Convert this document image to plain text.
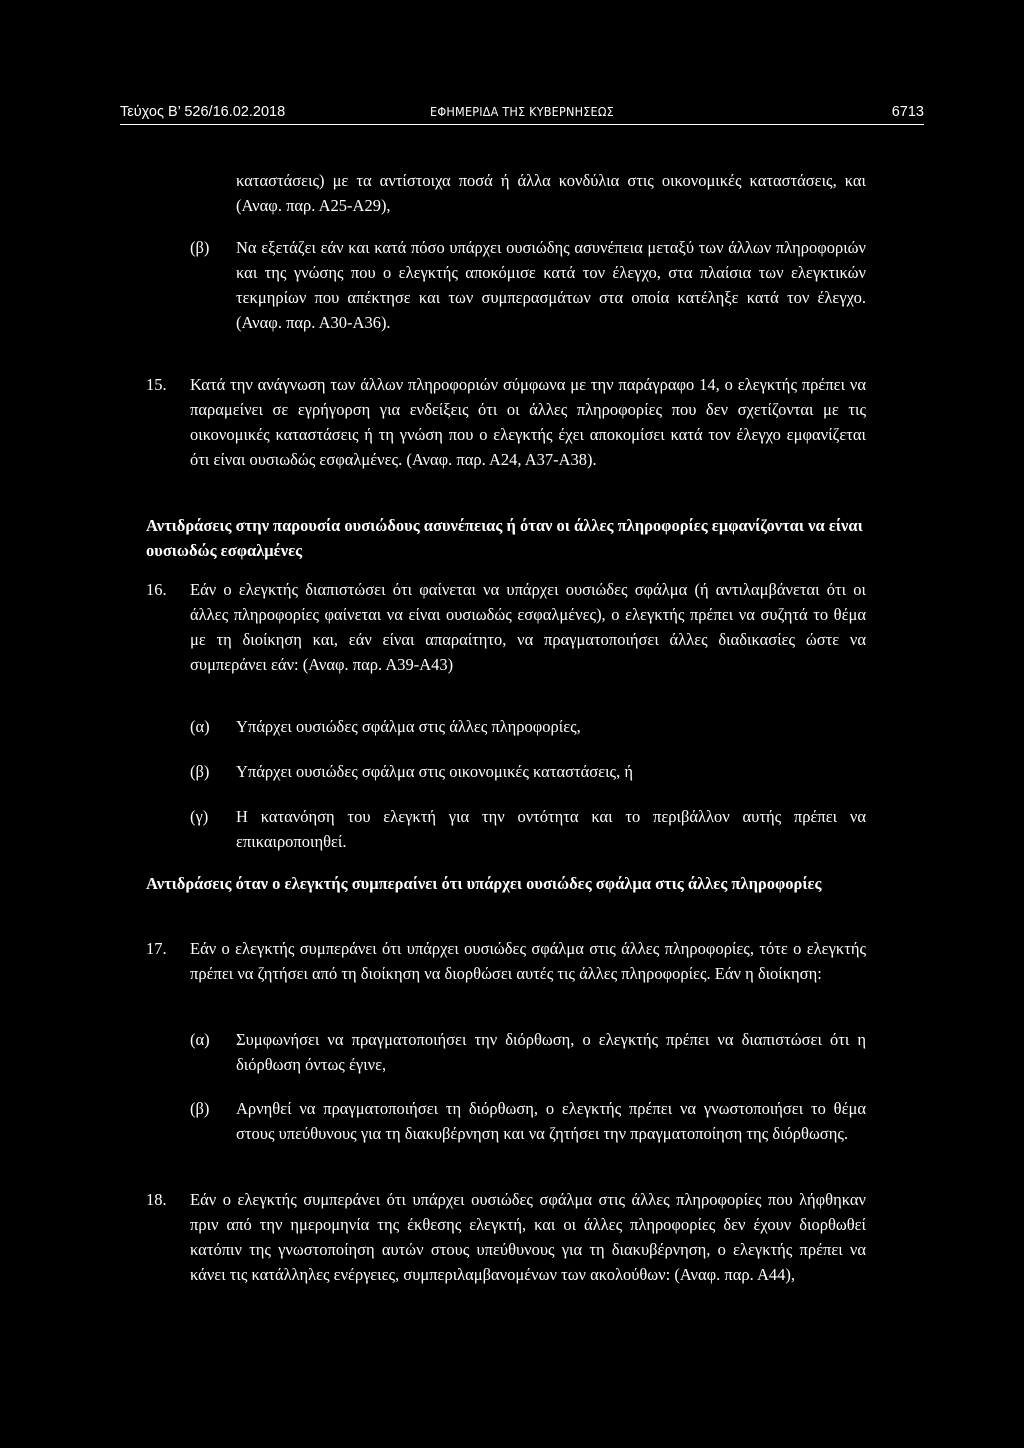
Τεύχος Β’ 526/16.02.2018	ΕΦΗΜΕΡΙΔΑ ΤΗΣ ΚΥΒΕΡΝΗΣΕΩΣ	6713
καταστάσεις) με τα αντίστοιχα ποσά ή άλλα κονδύλια στις οικονομικές καταστάσεις, και (Αναφ. παρ. Α25-Α29),
(β) Να εξετάζει εάν και κατά πόσο υπάρχει ουσιώδης ασυνέπεια μεταξύ των άλλων πληροφοριών και της γνώσης που ο ελεγκτής αποκόμισε κατά τον έλεγχο, στα πλαίσια των ελεγκτικών τεκμηρίων που απέκτησε και των συμπερασμάτων στα οποία κατέληξε κατά τον έλεγχο. (Αναφ. παρ. Α30-Α36).
15. Κατά την ανάγνωση των άλλων πληροφοριών σύμφωνα με την παράγραφο 14, ο ελεγκτής πρέπει να παραμείνει σε εγρήγορση για ενδείξεις ότι οι άλλες πληροφορίες που δεν σχετίζονται με τις οικονομικές καταστάσεις ή τη γνώση που ο ελεγκτής έχει αποκομίσει κατά τον έλεγχο εμφανίζεται ότι είναι ουσιωδώς εσφαλμένες. (Αναφ. παρ. Α24, Α37-Α38).
Αντιδράσεις στην παρουσία ουσιώδους ασυνέπειας ή όταν οι άλλες πληροφορίες εμφανίζονται να είναι ουσιωδώς εσφαλμένες
16. Εάν ο ελεγκτής διαπιστώσει ότι φαίνεται να υπάρχει ουσιώδες σφάλμα (ή αντιλαμβάνεται ότι οι άλλες πληροφορίες φαίνεται να είναι ουσιωδώς εσφαλμένες), ο ελεγκτής πρέπει να συζητά το θέμα με τη διοίκηση και, εάν είναι απαραίτητο, να πραγματοποιήσει άλλες διαδικασίες ώστε να συμπεράνει εάν: (Αναφ. παρ. Α39-Α43)
(α) Υπάρχει ουσιώδες σφάλμα στις άλλες πληροφορίες,
(β) Υπάρχει ουσιώδες σφάλμα στις οικονομικές καταστάσεις, ή
(γ) Η κατανόηση του ελεγκτή για την οντότητα και το περιβάλλον αυτής πρέπει να επικαιροποιηθεί.
Αντιδράσεις όταν ο ελεγκτής συμπεραίνει ότι υπάρχει ουσιώδες σφάλμα στις άλλες πληροφορίες
17. Εάν ο ελεγκτής συμπεράνει ότι υπάρχει ουσιώδες σφάλμα στις άλλες πληροφορίες, τότε ο ελεγκτής πρέπει να ζητήσει από τη διοίκηση να διορθώσει αυτές τις άλλες πληροφορίες. Εάν η διοίκηση:
(α) Συμφωνήσει να πραγματοποιήσει την διόρθωση, ο ελεγκτής πρέπει να διαπιστώσει ότι η διόρθωση όντως έγινε,
(β) Αρνηθεί να πραγματοποιήσει τη διόρθωση, ο ελεγκτής πρέπει να γνωστοποιήσει το θέμα στους υπεύθυνους για τη διακυβέρνηση και να ζητήσει την πραγματοποίηση της διόρθωσης.
18. Εάν ο ελεγκτής συμπεράνει ότι υπάρχει ουσιώδες σφάλμα στις άλλες πληροφορίες που λήφθηκαν πριν από την ημερομηνία της έκθεσης ελεγκτή, και οι άλλες πληροφορίες δεν έχουν διορθωθεί κατόπιν της γνωστοποίηση αυτών στους υπεύθυνους για τη διακυβέρνηση, ο ελεγκτής πρέπει να κάνει τις κατάλληλες ενέργειες, συμπεριλαμβανομένων των ακολούθων: (Αναφ. παρ. Α44),
